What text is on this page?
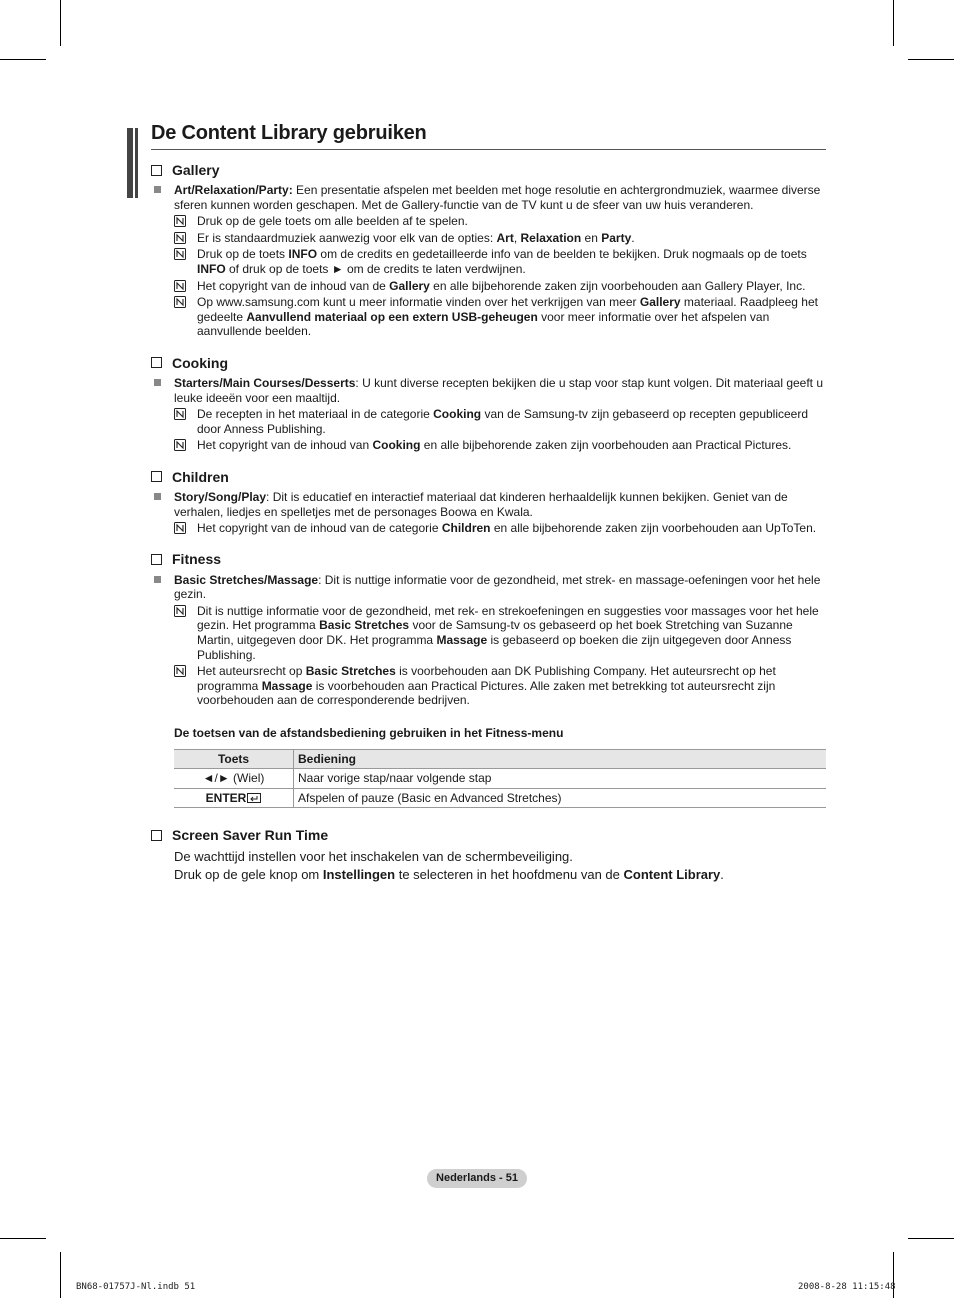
De Content Library gebruiken
Gallery
Art/Relaxation/Party: Een presentatie afspelen met beelden met hoge resolutie en achtergrondmuziek, waarmee diverse sferen kunnen worden geschapen. Met de Gallery-functie van de TV kunt u de sfeer van uw huis veranderen.
Druk op de gele toets om alle beelden af te spelen.
Er is standaardmuziek aanwezig voor elk van de opties: Art, Relaxation en Party.
Druk op de toets INFO om de credits en gedetailleerde info van de beelden te bekijken. Druk nogmaals op de toets INFO of druk op de toets ► om de credits te laten verdwijnen.
Het copyright van de inhoud van de Gallery en alle bijbehorende zaken zijn voorbehouden aan Gallery Player, Inc.
Op www.samsung.com kunt u meer informatie vinden over het verkrijgen van meer Gallery materiaal. Raadpleeg het gedeelte Aanvullend materiaal op een extern USB-geheugen voor meer informatie over het afspelen van aanvullende beelden.
Cooking
Starters/Main Courses/Desserts: U kunt diverse recepten bekijken die u stap voor stap kunt volgen. Dit materiaal geeft u leuke ideeën voor een maaltijd.
De recepten in het materiaal in de categorie Cooking van de Samsung-tv zijn gebaseerd op recepten gepubliceerd door Anness Publishing.
Het copyright van de inhoud van Cooking en alle bijbehorende zaken zijn voorbehouden aan Practical Pictures.
Children
Story/Song/Play: Dit is educatief en interactief materiaal dat kinderen herhaaldelijk kunnen bekijken. Geniet van de verhalen, liedjes en spelletjes met de personages Boowa en Kwala.
Het copyright van de inhoud van de categorie Children en alle bijbehorende zaken zijn voorbehouden aan UpToTen.
Fitness
Basic Stretches/Massage: Dit is nuttige informatie voor de gezondheid, met strek- en massage-oefeningen voor het hele gezin.
Dit is nuttige informatie voor de gezondheid, met rek- en strekoefeningen en suggesties voor massages voor het hele gezin. Het programma Basic Stretches voor de Samsung-tv os gebaseerd op het boek Stretching van Suzanne Martin, uitgegeven door DK. Het programma Massage is gebaseerd op boeken die zijn uitgegeven door Anness Publishing.
Het auteursrecht op Basic Stretches is voorbehouden aan DK Publishing Company. Het auteursrecht op het programma Massage is voorbehouden aan Practical Pictures. Alle zaken met betrekking tot auteursrecht zijn voorbehouden aan de corresponderende bedrijven.
De toetsen van de afstandsbediening gebruiken in het Fitness-menu
Toets	Bediening
◄/► (Wiel)	Naar vorige stap/naar volgende stap
ENTER	Afspelen of pauze (Basic en Advanced Stretches)
Screen Saver Run Time
De wachttijd instellen voor het inschakelen van de schermbeveiliging.
Druk op de gele knop om Instellingen te selecteren in het hoofdmenu van de Content Library.
Nederlands - 51
BN68-01757J-Nl.indb 51	2008-8-28 11:15:48
